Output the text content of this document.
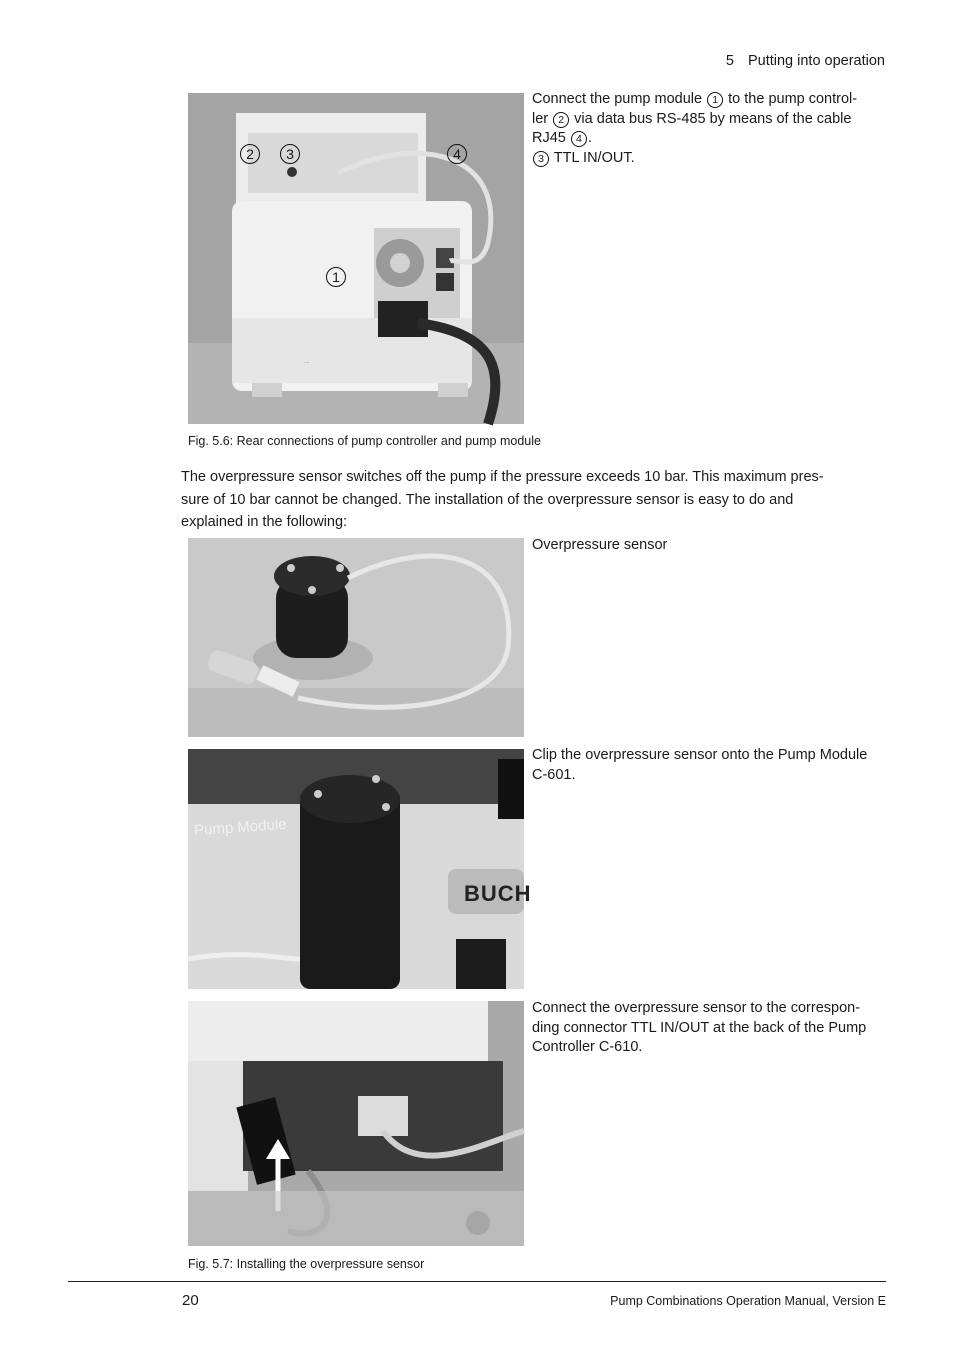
5 Putting into operation
....
2	3	4
1
Connect the pump module 1 to the pump control-
ler 2 via data bus RS-485 by means of the cable
RJ45 4 .
3 TTL IN/OUT.
Fig. 5.6: Rear connections of pump controller and pump module
The overpressure sensor switches off the pump if the pressure exceeds 10 bar. This maximum pres-
sure of 10 bar cannot be changed. The installation of the overpressure sensor is easy to do and
explained in the following:
Overpressure sensor
Pump Module
BUCH
Clip the overpressure sensor onto the Pump Module
C-601.
Connect the overpressure sensor to the correspon-
ding connector TTL IN/OUT at the back of the Pump
Controller C-610.
Fig. 5.7: Installing the overpressure sensor
20	Pump Combinations Operation Manual, Version E
